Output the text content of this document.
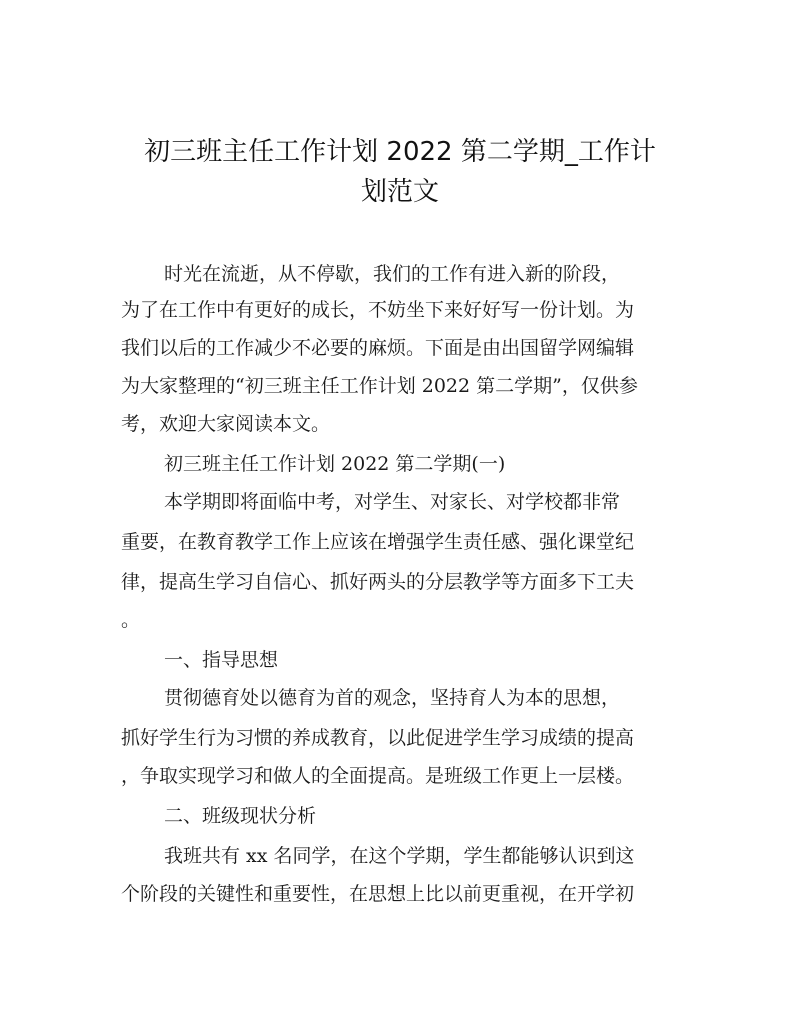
初三班主任工作计划 2022 第二学期_工作计
划范文
时光在流逝，从不停歇，我们的工作有进入新的阶段，
为了在工作中有更好的成长，不妨坐下来好好写一份计划。为
我们以后的工作减少不必要的麻烦。下面是由出国留学网编辑
为大家整理的“初三班主任工作计划 2022 第二学期”，仅供参
考，欢迎大家阅读本文。
初三班主任工作计划 2022 第二学期(一)
本学期即将面临中考，对学生、对家长、对学校都非常
重要，在教育教学工作上应该在增强学生责任感、强化课堂纪
律，提高生学习自信心、抓好两头的分层教学等方面多下工夫
。
一、指导思想
贯彻德育处以德育为首的观念，坚持育人为本的思想，
抓好学生行为习惯的养成教育，以此促进学生学习成绩的提高
，争取实现学习和做人的全面提高。是班级工作更上一层楼。
二、班级现状分析
我班共有 xx 名同学，在这个学期，学生都能够认识到这
个阶段的关键性和重要性，在思想上比以前更重视，在开学初
